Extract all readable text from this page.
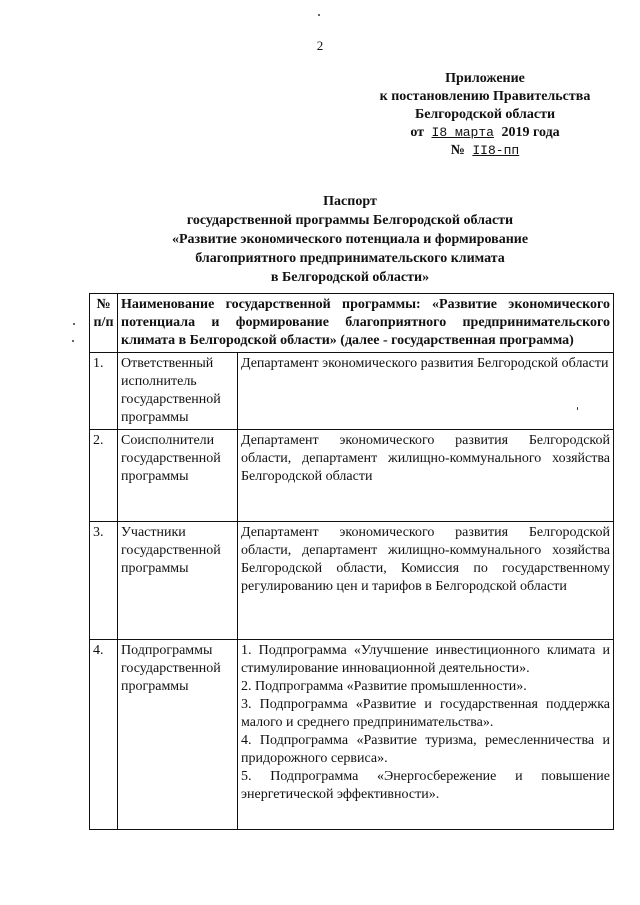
2
Приложение
к постановлению Правительства
Белгородской области
от I8 марта 2019 года
№ II8-пп
Паспорт
государственной программы Белгородской области
«Развитие экономического потенциала и формирование
благоприятного предпринимательского климата
в Белгородской области»
№ п/п	Наименование государственной программы: «Развитие экономического потенциала и формирование благоприятного предпринимательского климата в Белгородской области» (далее - государственная программа)	
1.	Ответственный исполнитель государственной программы	Департамент экономического развития Белгородской области
2.	Соисполнители государственной программы	Департамент экономического развития Белгородской области, департамент жилищно-коммунального хозяйства Белгородской области
3.	Участники государственной программы	Департамент экономического развития Белгородской области, департамент жилищно-коммунального хозяйства Белгородской области, Комиссия по государственному регулированию цен и тарифов в Белгородской области
4.	Подпрограммы государственной программы	1. Подпрограмма «Улучшение инвестиционного климата и стимулирование инновационной деятельности».
2. Подпрограмма «Развитие промышленности».
3. Подпрограмма «Развитие и государственная поддержка малого и среднего предпринимательства».
4. Подпрограмма «Развитие туризма, ремесленничества и придорожного сервиса».
5. Подпрограмма «Энергосбережение и повышение энергетической эффективности».
